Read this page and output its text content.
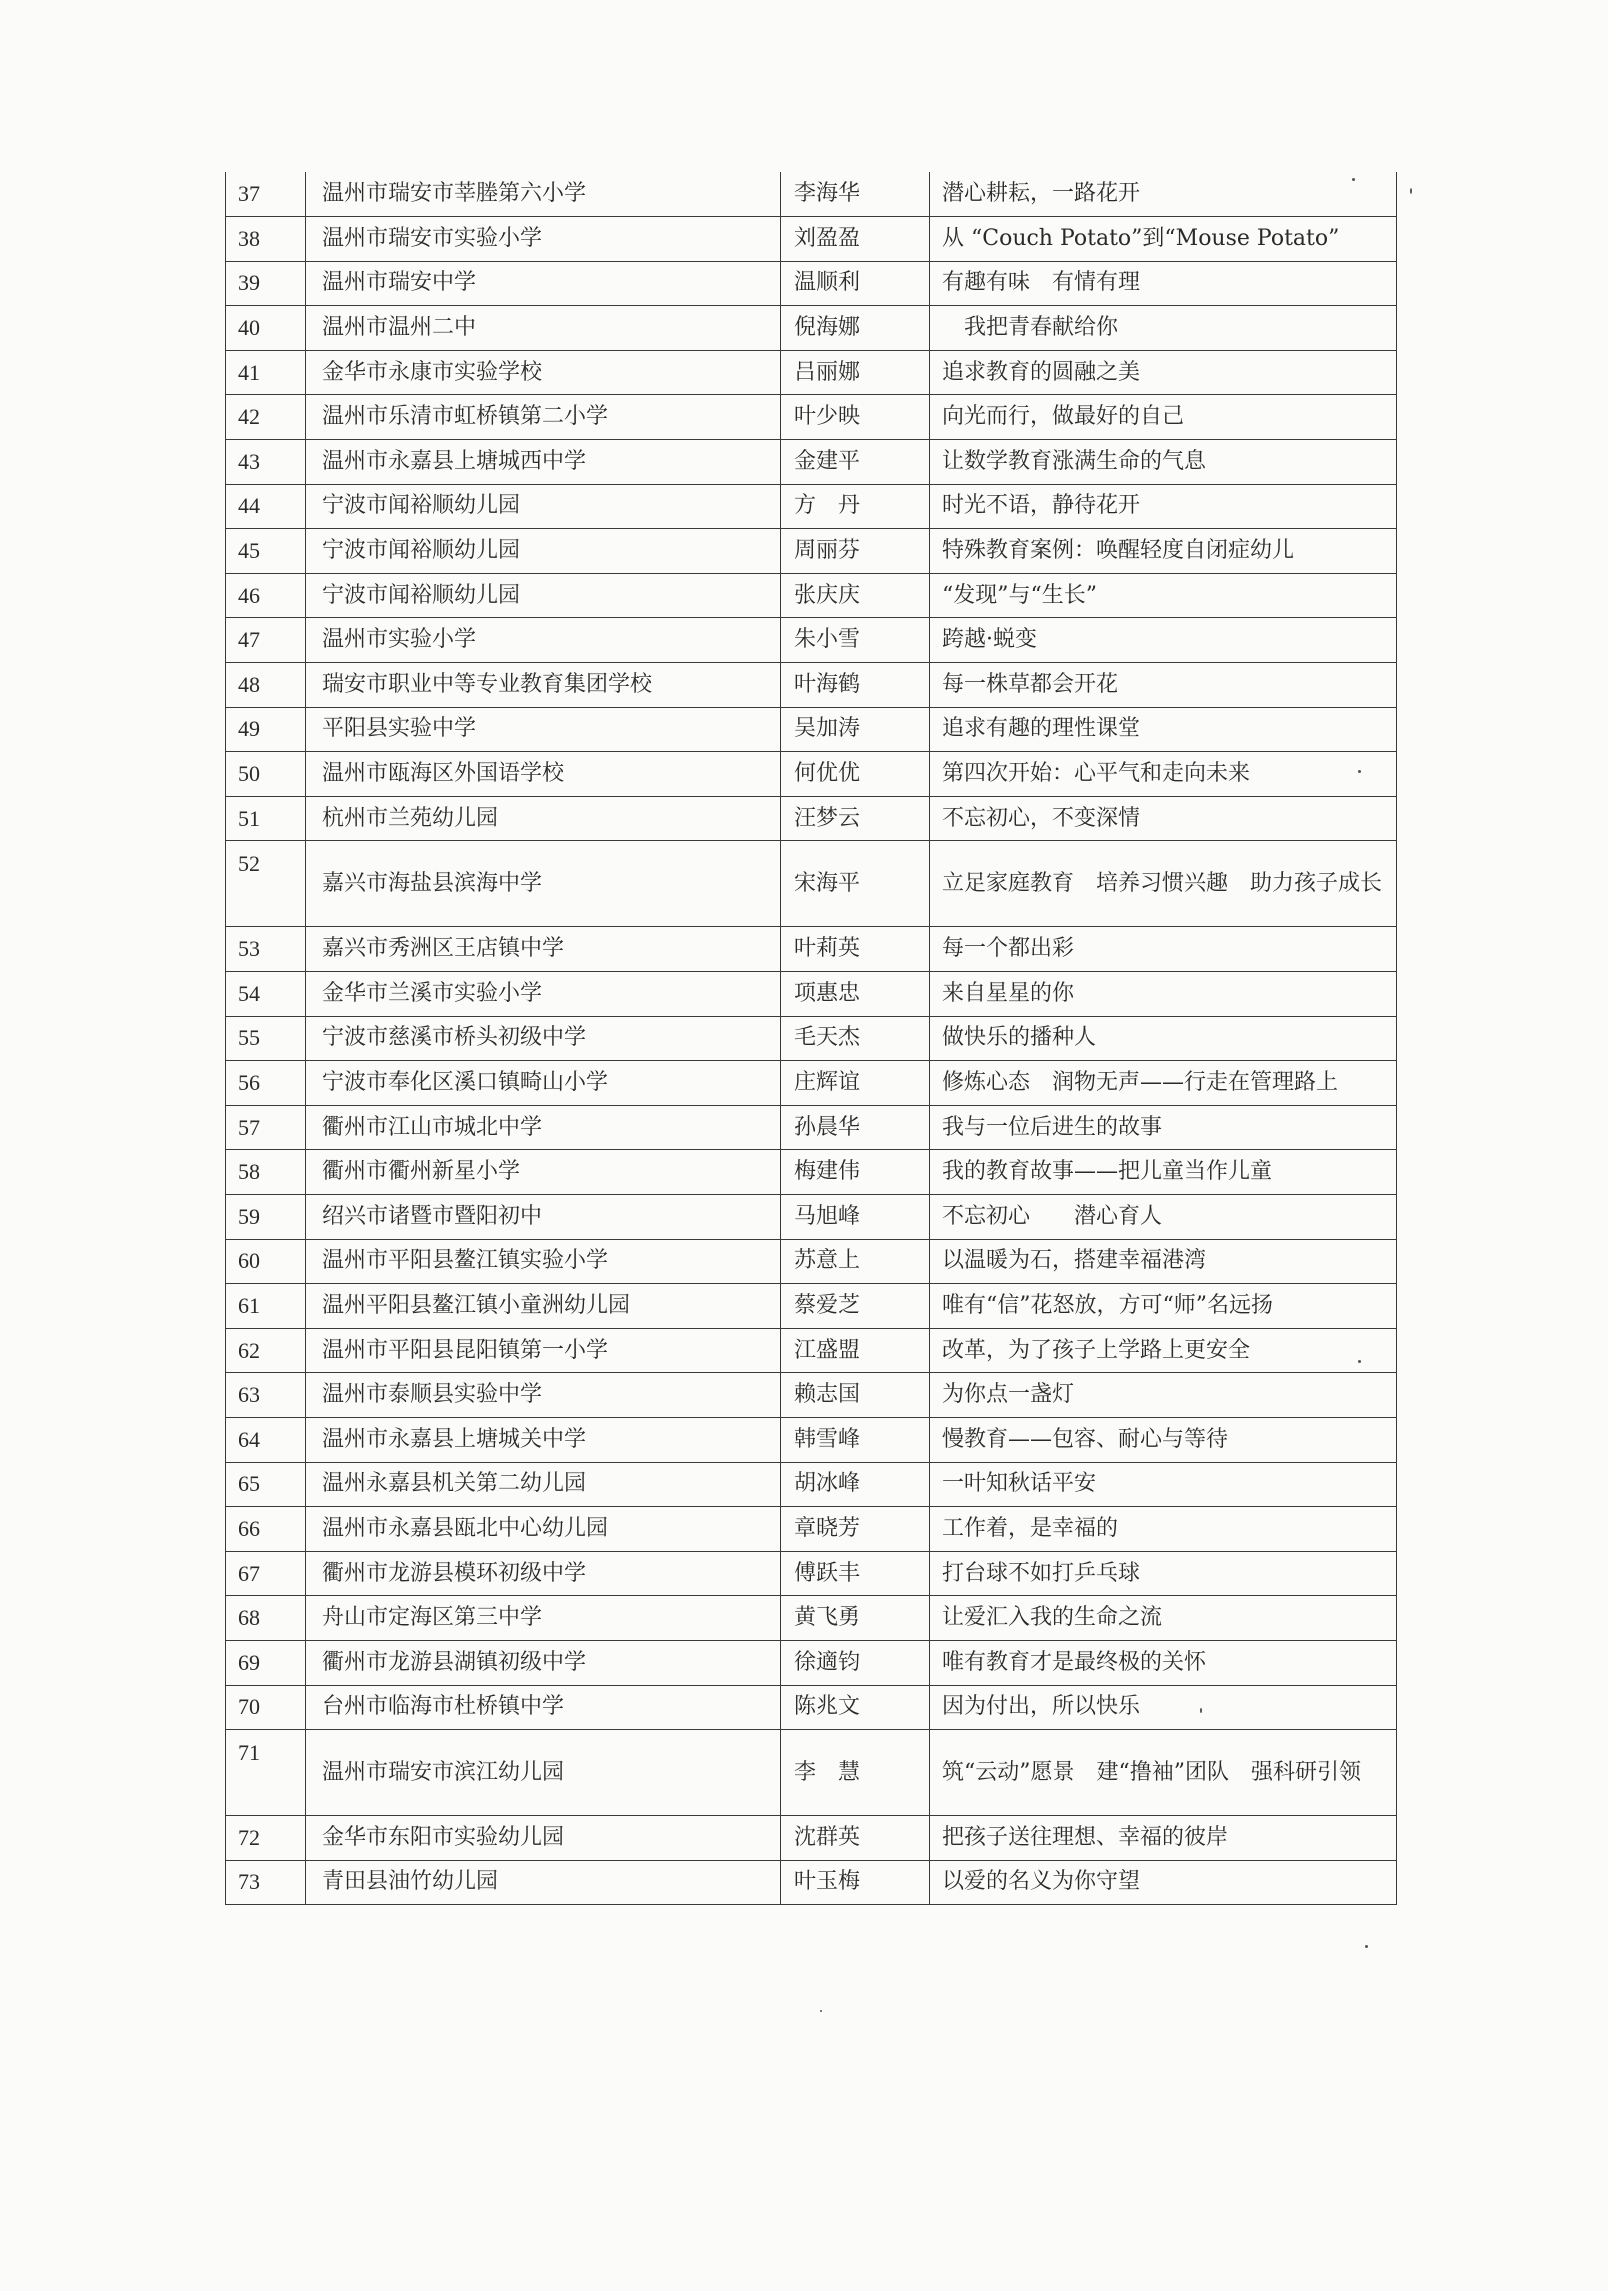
37	温州市瑞安市莘塍第六小学	李海华	潜心耕耘，一路花开
38	温州市瑞安市实验小学	刘盈盈	从 “Couch Potato”到“Mouse Potato”
39	温州市瑞安中学	温顺利	有趣有味　有情有理
40	温州市温州二中	倪海娜	　我把青春献给你
41	金华市永康市实验学校	吕丽娜	追求教育的圆融之美
42	温州市乐清市虹桥镇第二小学	叶少映	向光而行，做最好的自己
43	温州市永嘉县上塘城西中学	金建平	让数学教育涨满生命的气息
44	宁波市闻裕顺幼儿园	方　丹	时光不语，静待花开
45	宁波市闻裕顺幼儿园	周丽芬	特殊教育案例：唤醒轻度自闭症幼儿
46	宁波市闻裕顺幼儿园	张庆庆	“发现”与“生长”
47	温州市实验小学	朱小雪	跨越·蜕变
48	瑞安市职业中等专业教育集团学校	叶海鹤	每一株草都会开花
49	平阳县实验中学	吴加涛	追求有趣的理性课堂
50	温州市瓯海区外国语学校	何优优	第四次开始：心平气和走向未来
51	杭州市兰苑幼儿园	汪梦云	不忘初心，不变深情
52	嘉兴市海盐县滨海中学	宋海平	立足家庭教育　培养习惯兴趣　助力孩子成长
53	嘉兴市秀洲区王店镇中学	叶莉英	每一个都出彩
54	金华市兰溪市实验小学	项惠忠	来自星星的你
55	宁波市慈溪市桥头初级中学	毛天杰	做快乐的播种人
56	宁波市奉化区溪口镇畸山小学	庄辉谊	修炼心态　润物无声——行走在管理路上
57	衢州市江山市城北中学	孙晨华	我与一位后进生的故事
58	衢州市衢州新星小学	梅建伟	我的教育故事——把儿童当作儿童
59	绍兴市诸暨市暨阳初中	马旭峰	不忘初心　　潜心育人
60	温州市平阳县鳌江镇实验小学	苏意上	以温暖为石，搭建幸福港湾
61	温州平阳县鳌江镇小童洲幼儿园	蔡爱芝	唯有“信”花怒放，方可“师”名远扬
62	温州市平阳县昆阳镇第一小学	江盛盟	改革，为了孩子上学路上更安全
63	温州市泰顺县实验中学	赖志国	为你点一盏灯
64	温州市永嘉县上塘城关中学	韩雪峰	慢教育——包容、耐心与等待
65	温州永嘉县机关第二幼儿园	胡冰峰	一叶知秋话平安
66	温州市永嘉县瓯北中心幼儿园	章晓芳	工作着，是幸福的
67	衢州市龙游县模环初级中学	傅跃丰	打台球不如打乒乓球
68	舟山市定海区第三中学	黄飞勇	让爱汇入我的生命之流
69	衢州市龙游县湖镇初级中学	徐適钧	唯有教育才是最终极的关怀
70	台州市临海市杜桥镇中学	陈兆文	因为付出，所以快乐
71	温州市瑞安市滨江幼儿园	李　慧	筑“云动”愿景　建“撸袖”团队　强科研引领
72	金华市东阳市实验幼儿园	沈群英	把孩子送往理想、幸福的彼岸
73	青田县油竹幼儿园	叶玉梅	以爱的名义为你守望
